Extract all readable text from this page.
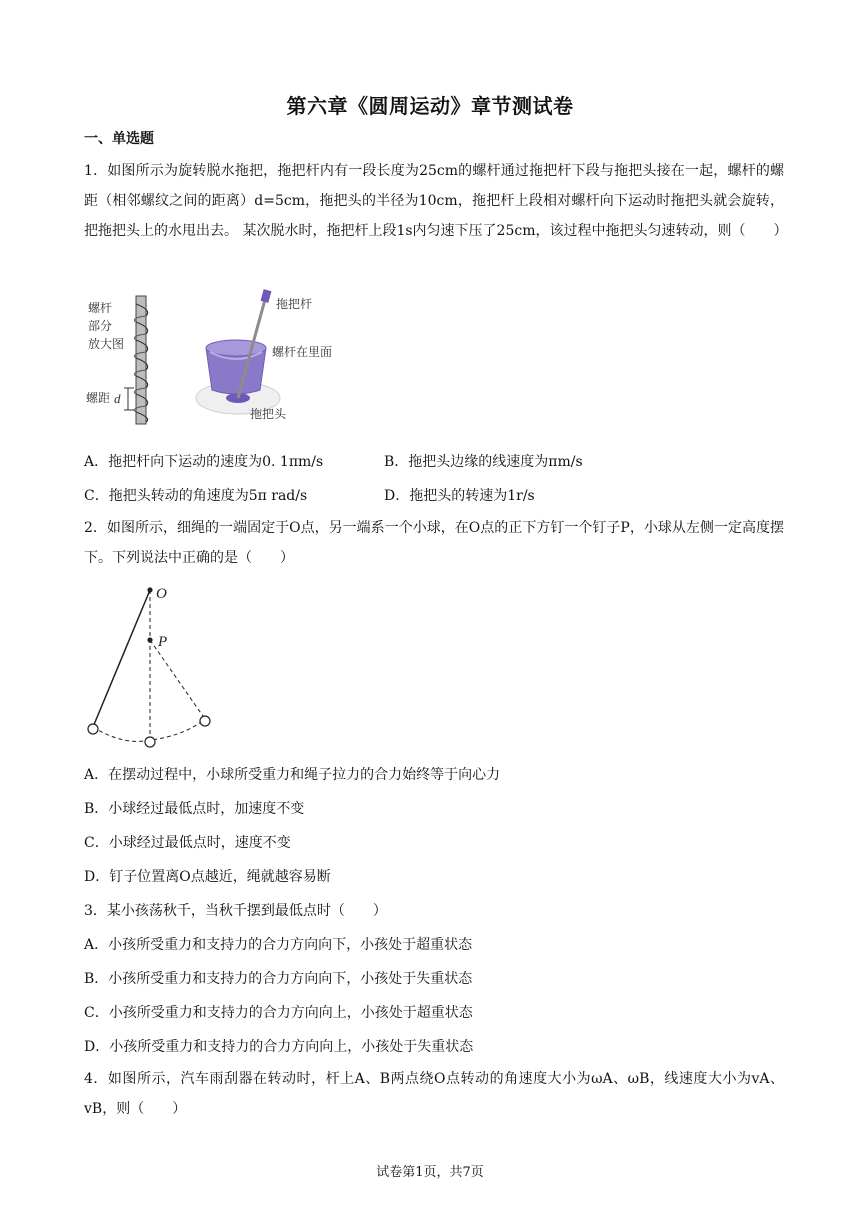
第六章《圆周运动》章节测试卷
一、单选题
1．如图所示为旋转脱水拖把，拖把杆内有一段长度为25cm的螺杆通过拖把杆下段与拖把头接在一起，螺杆的螺距（相邻螺纹之间的距离）d=5cm，拖把头的半径为10cm，拖把杆上段相对螺杆向下运动时拖把头就会旋转，把拖把头上的水甩出去。 某次脱水时，拖把杆上段1s内匀速下压了25cm，该过程中拖把头匀速转动，则（　　）
螺杆
部分
放大图
螺距 d
拖把杆
螺杆在里面
拖把头
A．拖把杆向下运动的速度为0. 1πm/s	B．拖把头边缘的线速度为πm/s
C．拖把头转动的角速度为5π rad/s	D．拖把头的转速为1r/s
2．如图所示，细绳的一端固定于O点，另一端系一个小球，在O点的正下方钉一个钉子P，小球从左侧一定高度摆下。下列说法中正确的是（　　）
O
P
A．在摆动过程中，小球所受重力和绳子拉力的合力始终等于向心力
B．小球经过最低点时，加速度不变
C．小球经过最低点时，速度不变
D．钉子位置离O点越近，绳就越容易断
3．某小孩荡秋千，当秋千摆到最低点时（　　）
A．小孩所受重力和支持力的合力方向向下，小孩处于超重状态
B．小孩所受重力和支持力的合力方向向下，小孩处于失重状态
C．小孩所受重力和支持力的合力方向向上，小孩处于超重状态
D．小孩所受重力和支持力的合力方向向上，小孩处于失重状态
4．如图所示，汽车雨刮器在转动时，杆上A、B两点绕O点转动的角速度大小为ωA、ωB，线速度大小为vA、vB，则（　　）
试卷第1页，共7页
